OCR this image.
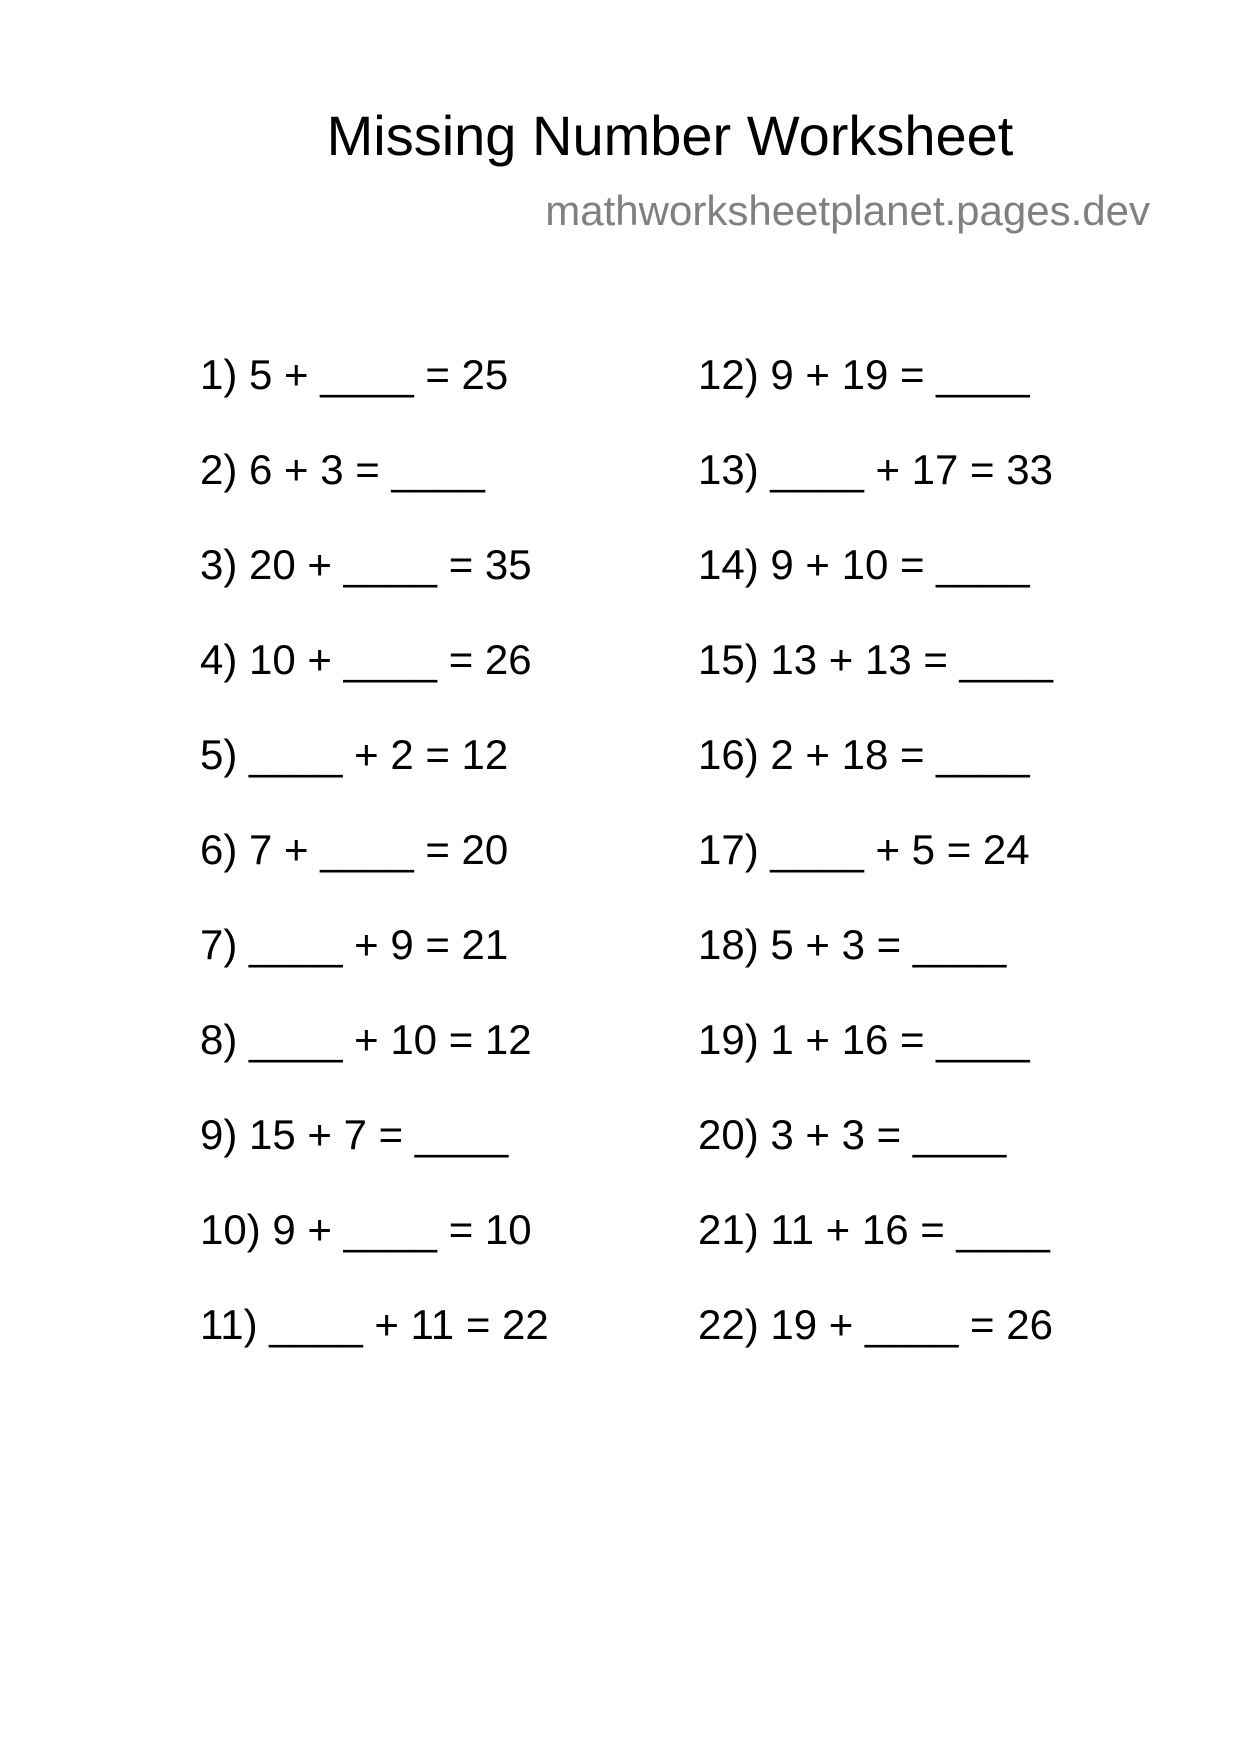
Missing Number Worksheet
mathworksheetplanet.pages.dev
1) 5 + ____ = 25
2) 6 + 3 = ____
3) 20 + ____ = 35
4) 10 + ____ = 26
5) ____ + 2 = 12
6) 7 + ____ = 20
7) ____ + 9 = 21
8) ____ + 10 = 12
9) 15 + 7 = ____
10) 9 + ____ = 10
11) ____ + 11 = 22
12) 9 + 19 = ____
13) ____ + 17 = 33
14) 9 + 10 = ____
15) 13 + 13 = ____
16) 2 + 18 = ____
17) ____ + 5 = 24
18) 5 + 3 = ____
19) 1 + 16 = ____
20) 3 + 3 = ____
21) 11 + 16 = ____
22) 19 + ____ = 26
